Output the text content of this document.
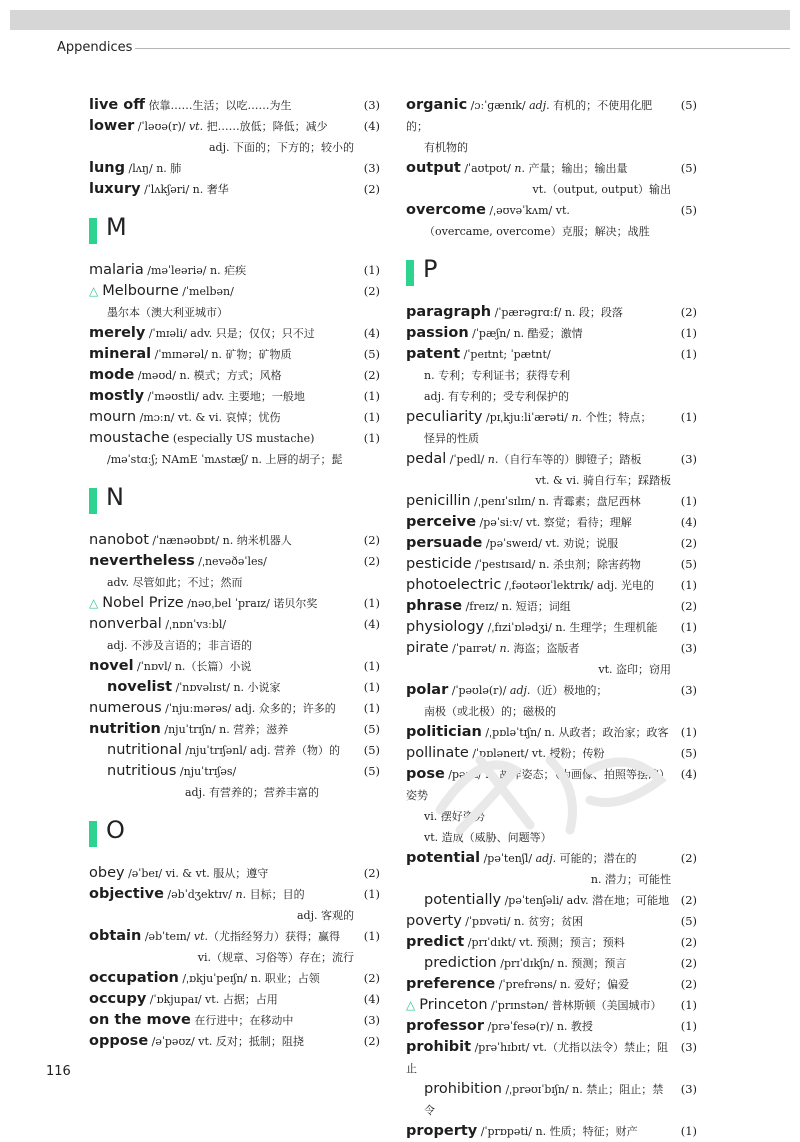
Appendices
(3)
live off 依靠……生活；以吃……为生
(4)
lower /ˈləʊə(r)/ vt. 把……放低；降低；减少
adj. 下面的；下方的；较小的
(3)
lung /lʌŋ/ n. 肺
(2)
luxury /ˈlʌkʃəri/ n. 奢华
M
(1)
malaria /məˈleəriə/ n. 疟疾
(2)
△ Melbourne /ˈmelbən/
墨尔本（澳大利亚城市）
(4)
merely /ˈmɪəli/ adv. 只是；仅仅；只不过
(5)
mineral /ˈmɪnərəl/ n. 矿物；矿物质
(2)
mode /məʊd/ n. 模式；方式；风格
(1)
mostly /ˈməʊstli/ adv. 主要地；一般地
(1)
mourn /mɔːn/ vt. & vi. 哀悼；忧伤
(1)
moustache (especially US mustache)
/məˈstɑːʃ; NAmE ˈmʌstæʃ/ n. 上唇的胡子；髭
N
(2)
nanobot /ˈnænəʊbɒt/ n. 纳米机器人
(2)
nevertheless /ˌnevəðəˈles/
adv. 尽管如此；不过；然而
(1)
△ Nobel Prize /nəʊˌbel ˈpraɪz/ 诺贝尔奖
(4)
nonverbal /ˌnɒnˈvɜːbl/
adj. 不涉及言语的；非言语的
(1)
novel /ˈnɒvl/ n.（长篇）小说
(1)
novelist /ˈnɒvəlɪst/ n. 小说家
(1)
numerous /ˈnjuːmərəs/ adj. 众多的；许多的
(5)
nutrition /njuˈtrɪʃn/ n. 营养；滋养
(5)
nutritional /njuˈtrɪʃənl/ adj. 营养（物）的
(5)
nutritious /njuˈtrɪʃəs/
adj. 有营养的；营养丰富的
O
(2)
obey /əˈbeɪ/ vi. & vt. 服从；遵守
(1)
objective /əbˈdʒektɪv/ n. 目标；目的
adj. 客观的
(1)
obtain /əbˈteɪn/ vt.（尤指经努力）获得；赢得
vi.（规章、习俗等）存在；流行
(2)
occupation /ˌɒkjuˈpeɪʃn/ n. 职业；占领
(4)
occupy /ˈɒkjupaɪ/ vt. 占据；占用
(3)
on the move 在行进中；在移动中
(2)
oppose /əˈpəʊz/ vt. 反对；抵制；阻挠
(5)
organic /ɔːˈɡænɪk/ adj. 有机的；不使用化肥的；
有机物的
(5)
output /ˈaʊtpʊt/ n. 产量；输出；输出量
vt.（output, output）输出
(5)
overcome /ˌəʊvəˈkʌm/ vt.
（overcame, overcome）克服；解决；战胜
P
(2)
paragraph /ˈpærəɡrɑːf/ n. 段；段落
(1)
passion /ˈpæʃn/ n. 酷爱；激情
(1)
patent /ˈpeɪtnt; ˈpætnt/
n. 专利；专利证书；获得专利
adj. 有专利的；受专利保护的
(1)
peculiarity /pɪˌkjuːliˈærəti/ n. 个性；特点；
怪异的性质
(3)
pedal /ˈpedl/ n.（自行车等的）脚镫子；踏板
vt. & vi. 骑自行车；踩踏板
(1)
penicillin /ˌpenɪˈsɪlɪn/ n. 青霉素；盘尼西林
(4)
perceive /pəˈsiːv/ vt. 察觉；看待；理解
(2)
persuade /pəˈsweɪd/ vt. 劝说；说服
(5)
pesticide /ˈpestɪsaɪd/ n. 杀虫剂；除害药物
(1)
photoelectric /ˌfəʊtəʊɪˈlektrɪk/ adj. 光电的
(2)
phrase /freɪz/ n. 短语；词组
(1)
physiology /ˌfɪziˈɒlədʒi/ n. 生理学；生理机能
(3)
pirate /ˈpaɪrət/ n. 海盗；盗版者
vt. 盗印；窃用
(3)
polar /ˈpəʊlə(r)/ adj.（近）极地的；
南极（或北极）的；磁极的
(1)
politician /ˌpɒləˈtɪʃn/ n. 从政者；政治家；政客
(5)
pollinate /ˈpɒləneɪt/ vt. 授粉；传粉
(4)
pose /pəʊz/ n. 故作姿态；（为画像、拍照等摆的）姿势
vi. 摆好姿势
vt. 造成（威胁、问题等）
(2)
potential /pəˈtenʃl/ adj. 可能的；潜在的
n. 潜力；可能性
(2)
potentially /pəˈtenʃəli/ adv. 潜在地；可能地
(5)
poverty /ˈpɒvəti/ n. 贫穷；贫困
(2)
predict /prɪˈdɪkt/ vt. 预测；预言；预料
(2)
prediction /prɪˈdɪkʃn/ n. 预测；预言
(2)
preference /ˈprefrəns/ n. 爱好；偏爱
(1)
△ Princeton /ˈprɪnstən/ 普林斯顿（美国城市）
(1)
professor /prəˈfesə(r)/ n. 教授
(3)
prohibit /prəˈhɪbɪt/ vt.（尤指以法令）禁止；阻止
(3)
prohibition /ˌprəʊɪˈbɪʃn/ n. 禁止；阻止；禁令
(1)
property /ˈprɒpəti/ n. 性质；特征；财产
116
